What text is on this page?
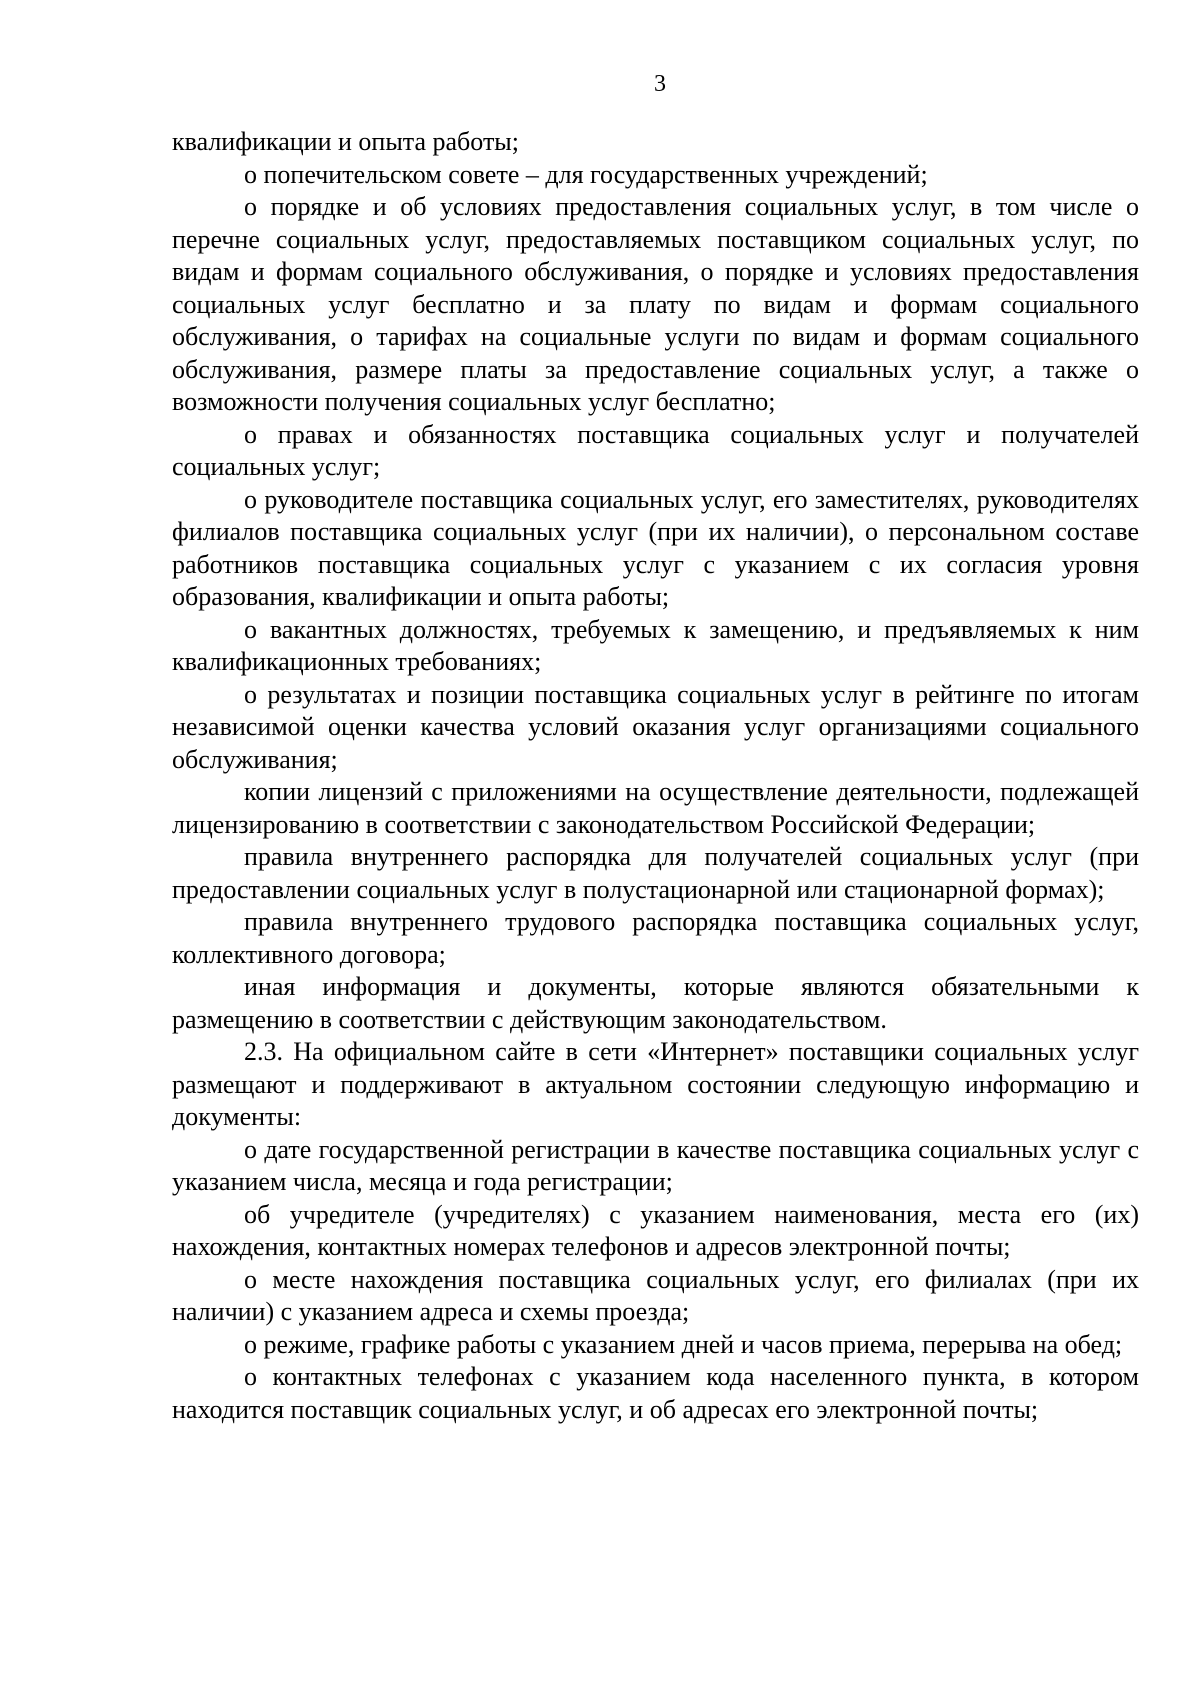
3

квалификации и опыта работы;

о попечительском совете – для государственных учреждений;

о порядке и об условиях предоставления социальных услуг, в том числе о перечне социальных услуг, предоставляемых поставщиком социальных услуг, по видам и формам социального обслуживания, о порядке и условиях предоставления социальных услуг бесплатно и за плату по видам и формам социального обслуживания, о тарифах на социальные услуги по видам и формам социального обслуживания, размере платы за предоставление социальных услуг, а также о возможности получения социальных услуг бесплатно;

о правах и обязанностях поставщика социальных услуг и получателей социальных услуг;

о руководителе поставщика социальных услуг, его заместителях, руководителях филиалов поставщика социальных услуг (при их наличии), о персональном составе работников поставщика социальных услуг с указанием с их согласия уровня образования, квалификации и опыта работы;

о вакантных должностях, требуемых к замещению, и предъявляемых к ним квалификационных требованиях;

о результатах и позиции поставщика социальных услуг в рейтинге по итогам независимой оценки качества условий оказания услуг организациями социального обслуживания;

копии лицензий с приложениями на осуществление деятельности, подлежащей лицензированию в соответствии с законодательством Российской Федерации;

правила внутреннего распорядка для получателей социальных услуг (при предоставлении социальных услуг в полустационарной или стационарной формах);

правила внутреннего трудового распорядка поставщика социальных услуг, коллективного договора;

иная информация и документы, которые являются обязательными к размещению в соответствии с действующим законодательством.

2.3. На официальном сайте в сети «Интернет» поставщики социальных услуг размещают и поддерживают в актуальном состоянии следующую информацию и документы:

о дате государственной регистрации в качестве поставщика социальных услуг с указанием числа, месяца и года регистрации;

об учредителе (учредителях) с указанием наименования, места его (их) нахождения, контактных номерах телефонов и адресов электронной почты;

о месте нахождения поставщика социальных услуг, его филиалах (при их наличии) с указанием адреса и схемы проезда;

о режиме, графике работы с указанием дней и часов приема, перерыва на обед;

о контактных телефонах с указанием кода населенного пункта, в котором находится поставщик социальных услуг, и об адресах его электронной почты;
